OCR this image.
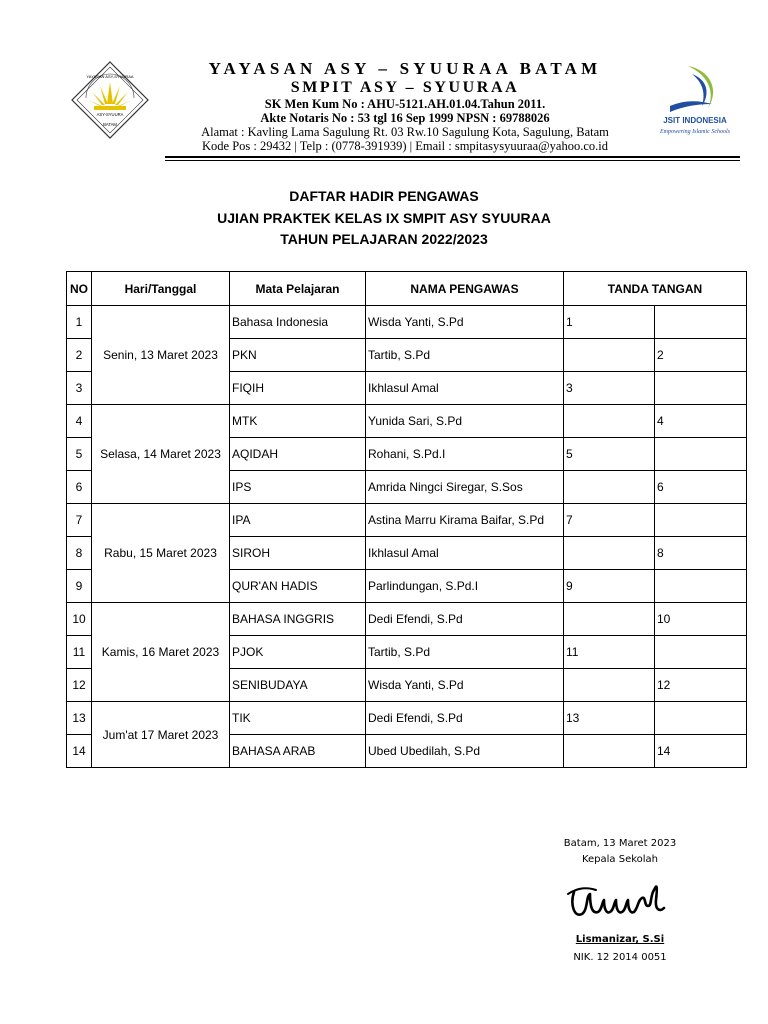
ASY-SYUURA
BATAM
YAYASAN ASY-SYUURAA	YAYASAN ASY – SYUURAA BATAM
SMPIT ASY – SYUURAA
SK Men Kum No : AHU-5121.AH.01.04.Tahun 2011.
Akte Notaris No : 53 tgl 16 Sep 1999 NPSN : 69788026
Alamat : Kavling Lama Sagulung Rt. 03 Rw.10 Sagulung Kota, Sagulung, Batam
Kode Pos : 29432 | Telp : (0778-391939) | Email : smpitasysyuuraa@yahoo.co.id
JSIT INDONESIA
Empowering Islamic Schools
DAFTAR HADIR PENGAWAS
UJIAN PRAKTEK KELAS IX SMPIT ASY SYUURAA
TAHUN PELAJARAN 2022/2023
NO	Hari/Tanggal	Mata Pelajaran	NAMA PENGAWAS	TANDA TANGAN	
1	Senin, 13 Maret 2023	Bahasa Indonesia	Wisda Yanti, S.Pd	1	
2		PKN	Tartib, S.Pd		2
3		FIQIH	Ikhlasul Amal	3	
4	Selasa, 14 Maret 2023	MTK	Yunida Sari, S.Pd		4
5		AQIDAH	Rohani, S.Pd.I	5	
6		IPS	Amrida Ningci Siregar, S.Sos		6
7	Rabu, 15 Maret 2023	IPA	Astina Marru Kirama Baifar, S.Pd	7	
8		SIROH	Ikhlasul Amal		8
9		QUR'AN HADIS	Parlindungan, S.Pd.I	9	
10	Kamis, 16 Maret 2023	BAHASA INGGRIS	Dedi Efendi, S.Pd		10
11		PJOK	Tartib, S.Pd	11	
12		SENIBUDAYA	Wisda Yanti, S.Pd		12
13	Jum'at 17 Maret 2023	TIK	Dedi Efendi, S.Pd	13	
14		BAHASA ARAB	Ubed Ubedilah, S.Pd		14
Batam, 13 Maret 2023
Kepala Sekolah
Lismanizar, S.Si
NIK. 12 2014 0051
